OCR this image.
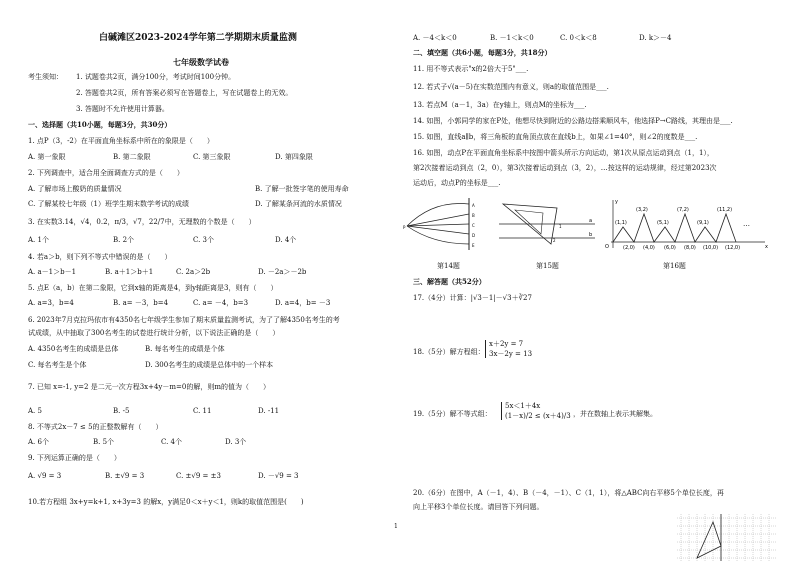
白碱滩区2023-2024学年第二学期期末质量监测
七年级数学试卷
考生须知： 1. 试题卷共2页，满分100分，考试时间100分钟。
2. 答题卷共2页，所有答案必须写在答题卷上，写在试题卷上的无效。
3. 答题时不允许使用计算器。
一、选择题（共10小题，每题3分，共30分）
1. 点P（3，-2）在平面直角坐标系中所在的象限是（　　）
A. 第一象限	B. 第二象限	C. 第三象限	D. 第四象限
2. 下列调查中，适合用全面调查方式的是（　　）
A. 了解市场上酸奶的质量情况	B. 了解一批签字笔的使用寿命
C. 了解某校七年级（1）班学生期末数学考试的成绩	D. 了解某条河流的水质情况
3. 在实数3.14，√4，0.2，π/3，√7，22/7中，无理数的个数是（　　）
A. 1个	B. 2个	C. 3个	D. 4个
4. 若a＞b，则下列不等式中错误的是（　　）
A. a－1＞b－1	B. a＋1＞b＋1	C. 2a＞2b	D. －2a＞－2b
5. 点E（a，b）在第二象限，它到x轴的距离是4，到y轴距离是3，则有（　　）
A. a=3，b=4	B. a= －3，b=4	C. a= －4，b=3	D. a=4，b= －3
6. 2023年7月克拉玛依市有4350名七年级学生参加了期末质量监测考试，为了了解4350名考生的考
试成绩，从中抽取了300名考生的试卷进行统计分析，以下说法正确的是（　　）
A. 4350名考生的成绩是总体	B. 每名考生的成绩是个体
C. 每名考生是个体	D. 300名考生的成绩是总体中的一个样本
7. 已知 x=-1, y=2 是二元一次方程3x+4y－m=0的解，则m的值为（　　）
A. 5	B. -5	C. 11	D. -11
8. 不等式2x－7 ≤ 5的正整数解有（　　）
A. 6个	B. 5个	C. 4个	D. 3个
9. 下列运算正确的是（　　）
A. √9 = 3	B. ±√9 = 3	C. ±√9 = ±3	D. －√9 = 3
10.若方程组 3x+y=k+1, x+3y=3 的解x，y满足0＜x＋y＜1，则k的取值范围是(　　)
A. －4＜k＜0	B. －1＜k＜0	C. 0＜k＜8	D. k＞－4
二、填空题（共6小题，每题3分，共18分）
11. 用不等式表示"x的2倍大于5"___.
12. 若式子√(a－5)在实数范围内有意义，则a的取值范围是___.
13. 若点M（a－1，3a）在y轴上，则点M的坐标为___.
14. 如图，小郭同学的家在P处，他想尽快到附近的公路边搭乘顺风车，他选择P→C路线，其理由是___.
15. 如图，直线a∥b，将三角板的直角顶点放在直线b上，如果∠1=40°，则∠2的度数是___.
16. 如图，动点P在平面直角坐标系中按图中箭头所示方向运动，第1次从原点运动到点（1，1），
第2次接着运动到点（2，0），第3次接着运动到点（3，2），…按这样的运动规律，经过第2023次
运动后，动点P的坐标是___.
P
A
B
C
D
E
第14题
a
b
1
2
第15题
(1,1)
(3,2)
(5,1)
(7,2)
(9,1)
(11,2)
(2,0) (4,0) (6,0) (8,0) (10,0) (12,0)
O	x
y
…
第16题
三、解答题（共52分）
17.（4分）计算：|√3－1|－√3＋∛27
18.（5分）解方程组：
x＋2y = 7
3x－2y = 13
19.（5分）解不等式组：
5x＜1＋4x
(1－x)/2 ≤ (x＋4)/3 ，并在数轴上表示其解集。
20.（6分）在图中，A（－1，4）、B（－4，－1）、C（1，1），将△ABC向右平移5个单位长度，再
向上平移3个单位长度。请回答下列问题。
1
